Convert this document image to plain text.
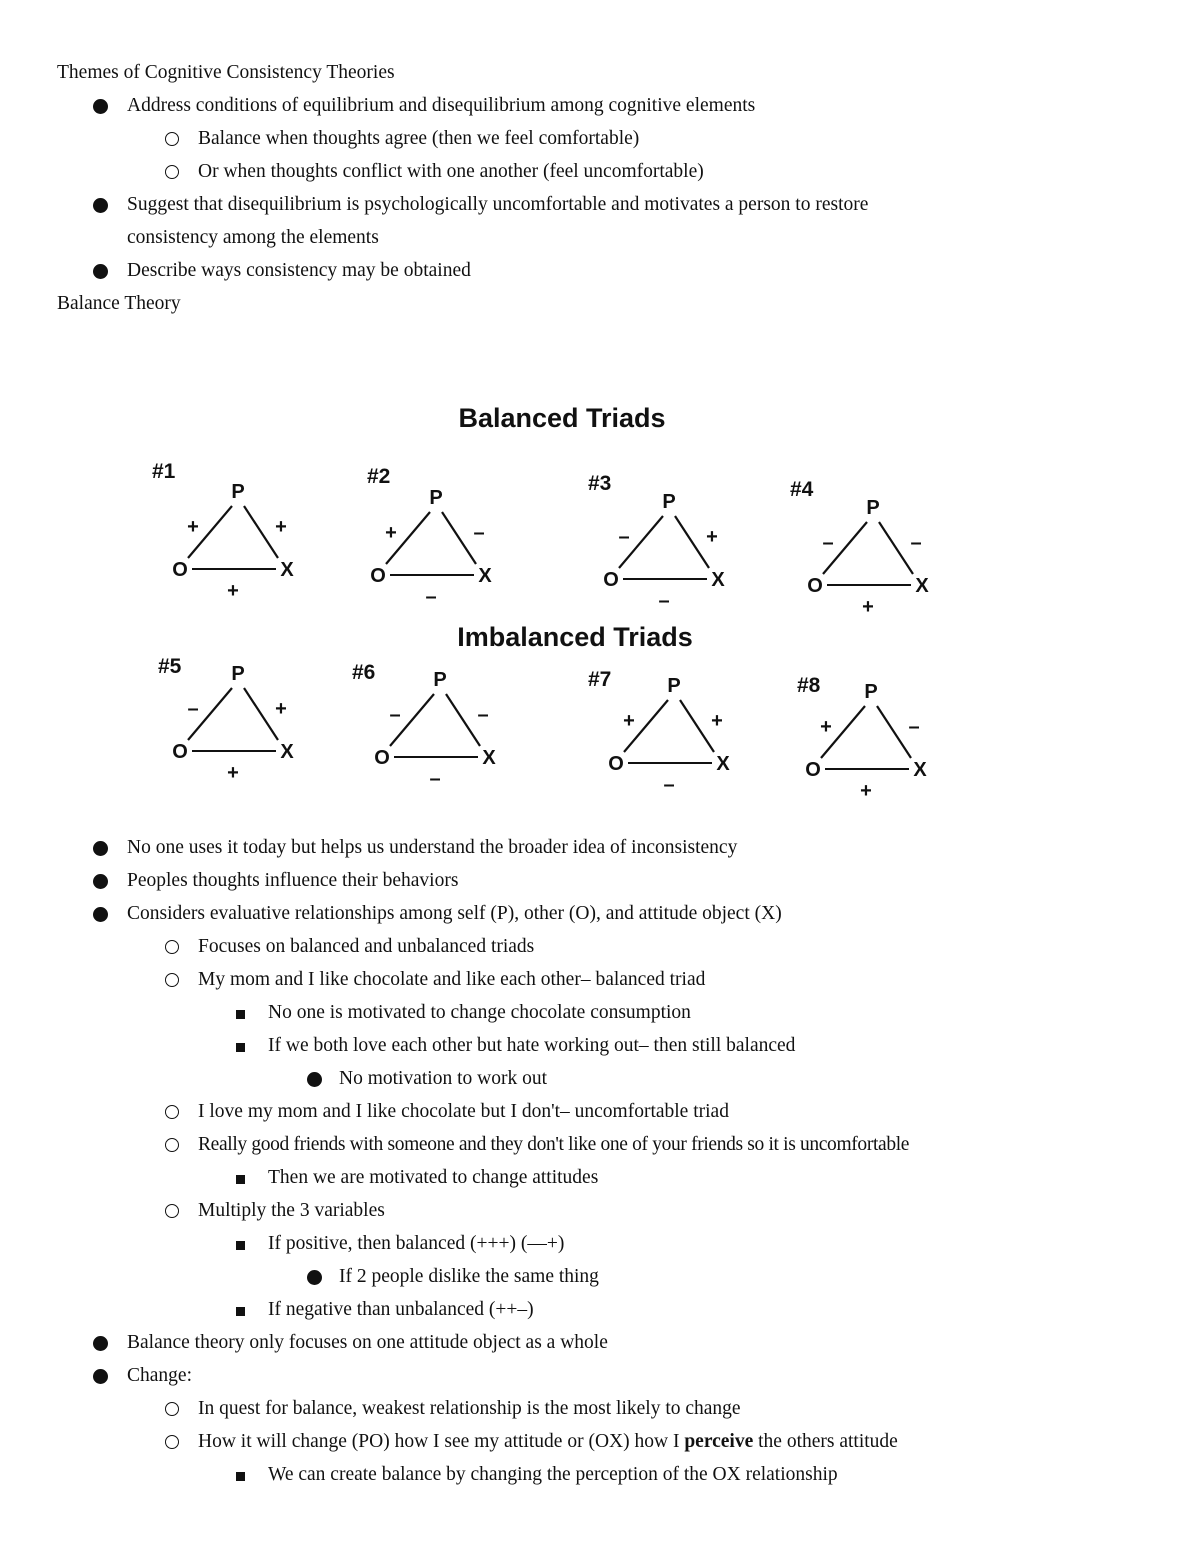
Themes of Cognitive Consistency Theories
Address conditions of equilibrium and disequilibrium among cognitive elements
Balance when thoughts agree (then we feel comfortable)
Or when thoughts conflict with one another (feel uncomfortable)
Suggest that disequilibrium is psychologically uncomfortable and motivates a person to restore
consistency among the elements
Describe ways consistency may be obtained
Balance Theory
Balanced Triads
Imbalanced Triads
#1
P
O	X
+	+
+
#2
P
O	X
+	–
–
#3
P
O	X
–	+
–
#4
P
O	X
–	–
+
#5 P
O	X
–	+
+
#6	P
O	X
–	–
–
#7	P
O	X
+	+
–
#8 P
O	X
+	–
+
No one uses it today but helps us understand the broader idea of inconsistency
Peoples thoughts influence their behaviors
Considers evaluative relationships among self (P), other (O), and attitude object (X)
Focuses on balanced and unbalanced triads
My mom and I like chocolate and like each other– balanced triad
No one is motivated to change chocolate consumption
If we both love each other but hate working out– then still balanced
No motivation to work out
I love my mom and I like chocolate but I don't– uncomfortable triad
Really good friends with someone and they don't like one of your friends so it is uncomfortable
Then we are motivated to change attitudes
Multiply the 3 variables
If positive, then balanced (+++) (––+)
If 2 people dislike the same thing
If negative than unbalanced (++–)
Balance theory only focuses on one attitude object as a whole
Change:
In quest for balance, weakest relationship is the most likely to change
How it will change (PO) how I see my attitude or (OX) how I perceive the others attitude
We can create balance by changing the perception of the OX relationship
